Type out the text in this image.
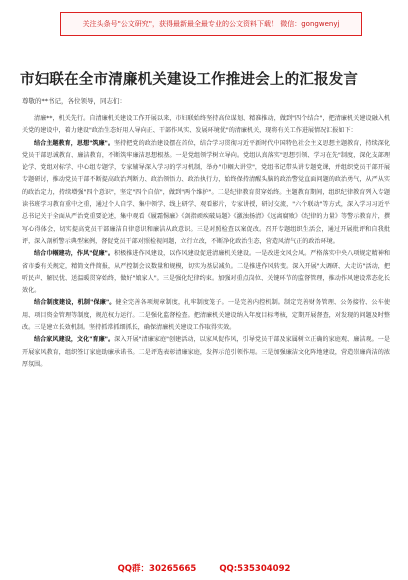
关注头条号"公文研究"，获得最新最全最专业的公文资料下载！ 微信：gongwenyj
市妇联在全市清廉机关建设工作推进会上的汇报发言
尊敬的**书记，各位领导，同志们：

清廉**，机关先行。自清廉机关建设工作开展以来，市妇联始终坚持高位谋划、精准推动，做到"四个结合"，把清廉机关建设融入机关党的建设中，着力建设"政治生态好用人导向正、干部作风实、发展环境优"的清廉机关，现将有关工作进展情况汇报如下：

结合主题教育，思想"筑廉"。坚持把党的政治建设摆在首位，结合学习贯彻习近平新时代中国特色社会主义思想主题教育，持续深化党员干部思诚教育、廉洁教育，不断筑牢廉洁思想根基。一是党组领学树立导向。党组认真落实"思想引领、学习在先"制度，深化支部理论学、党组对标学、中心组专题学，专家辅导深入学习的学习机制，举办"巾帼大讲堂"，党组书记带头讲专题党课，并组织党员干部开展专题研讨，推动党员干部不断提高政治判断力、政治领悟力、政治执行力，始终保持清醒头脑的政治警觉直面问题的政治勇气，从严从实的政治定力，持续增强"四个意识"，坚定"四个自信"，做到"两个维护"。二是纪律教育贯穿始终。主题教育期间，组织纪律教育列入专题读书班学习教育重中之重，通过个人自学、集中领学、线上研学、观看影片，专家讲授，研讨交流，"六个联动"等方式，深入学习习近平总书记关于全面从严治党重要论述，集中观看《履霜惕廉》《剑指顽疾破局题》《激浊扬清》《远离腐败》《纪律的力量》等警示教育片，撰写心得体会，切实提高党员干部廉洁自律意识和廉洁从政意识。三是对照检查以案促改。召开专题组织生活会，通过开展批评和自我批评，深入剖析警示典型案例，督促党员干部对照检视问题，立行立改，不断净化政治生态，营造风清气正的政治环境。

结合巾帼建功，作风"促廉"。积极推进作风建设，以作风建设促进清廉机关建设。一是改进文风会风。严格落实中央八项规定精神和省市委有关规定，精简文件简报，从严控制会议数量和规模，切实为基层减负。二是推进作风转变。深入开展"大调研、大走访"活动，把听民声、解民忧、送温暖贯穿始终，做好"娘家人"。三是强化纪律约束。加强对重点岗位、关键环节的监督管理，推动作风建设常态化长效化。

结合制度建设，机制"保廉"。健全完善各项规章制度，扎牢制度笼子。一是完善内控机制。制定完善财务管理、公务接待、公车使用、项目资金管理等制度，规范权力运行。二是强化监督检查。把清廉机关建设纳入年度目标考核，定期开展督查，对发现的问题及时整改。三是建立长效机制。坚持抓常抓细抓长，确保清廉机关建设工作取得实效。

结合家风建设，文化"育廉"。深入开展"清廉家庭"创建活动，以家风促作风，引导党员干部及家属树立正确的家庭观、廉洁观。一是开展家风教育，组织签订家庭助廉承诺书。二是评选表彰清廉家庭，发挥示范引领作用。三是加强廉洁文化阵地建设，营造崇廉尚洁的浓厚氛围。

QQ群：30265665	QQ:535304092
